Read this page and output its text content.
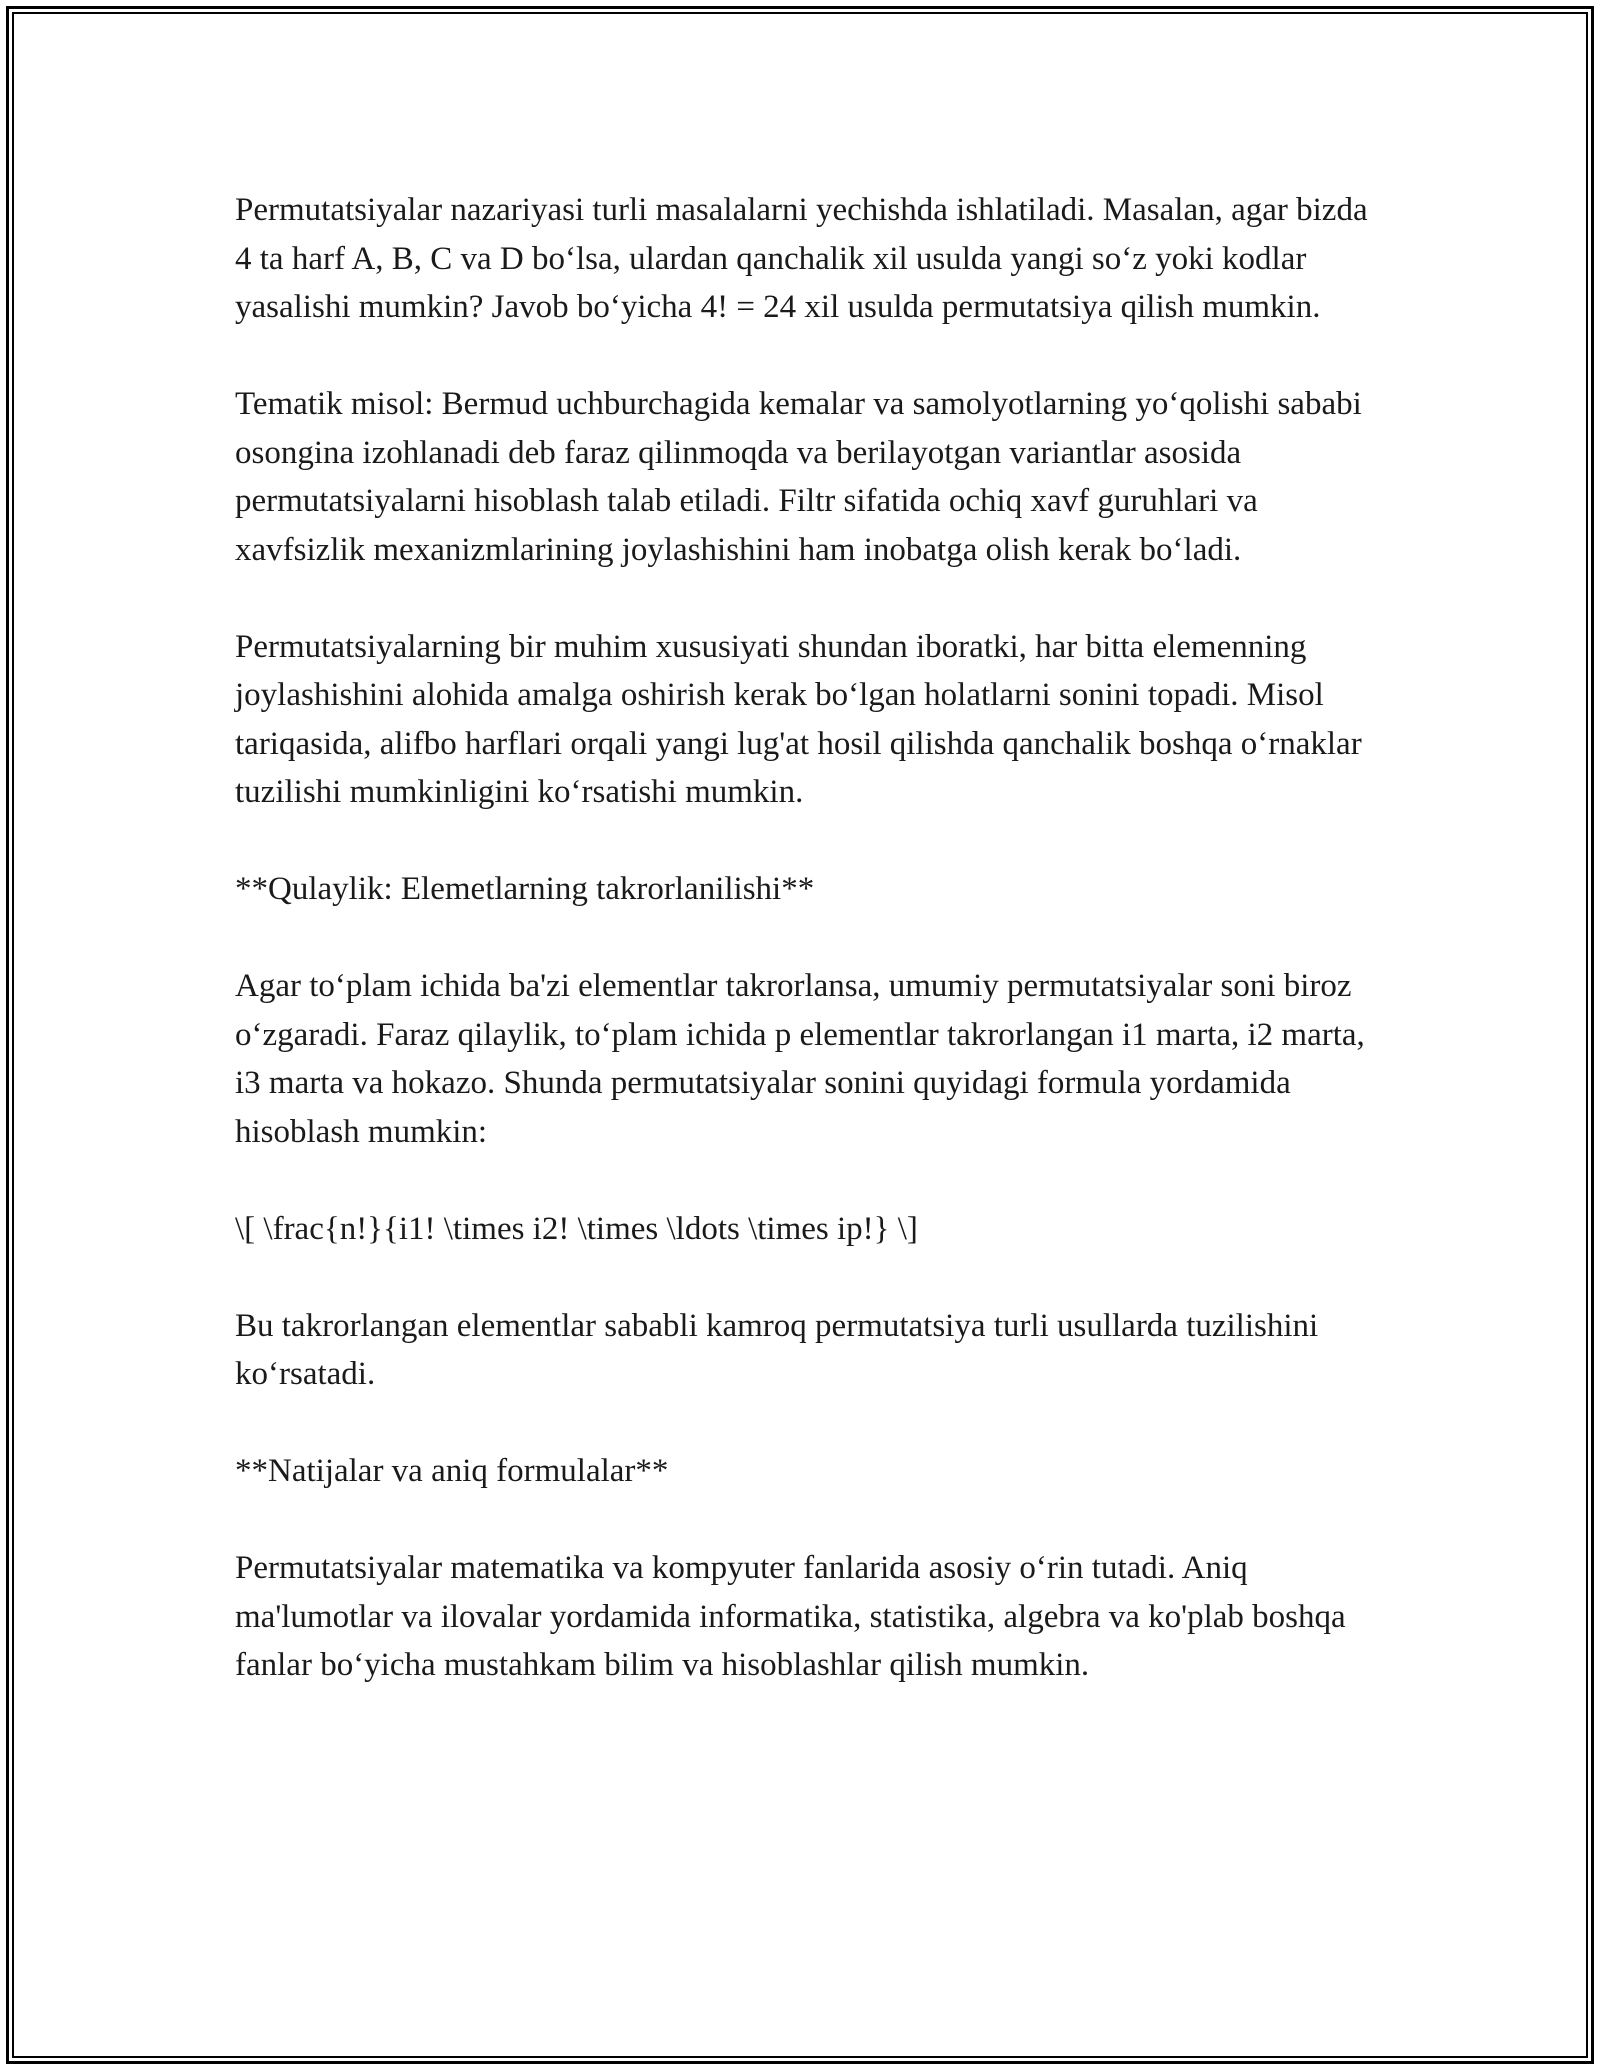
Permutatsiyalar nazariyasi turli masalalarni yechishda ishlatiladi. Masalan, agar bizda 4 ta harf A, B, C va D bo‘lsa, ulardan qanchalik xil usulda yangi so‘z yoki kodlar yasalishi mumkin? Javob bo‘yicha 4! = 24 xil usulda permutatsiya qilish mumkin.

Tematik misol: Bermud uchburchagida kemalar va samolyotlarning yo‘qolishi sababi osongina izohlanadi deb faraz qilinmoqda va berilayotgan variantlar asosida permutatsiyalarni hisoblash talab etiladi. Filtr sifatida ochiq xavf guruhlari va xavfsizlik mexanizmlarining joylashishini ham inobatga olish kerak bo‘ladi.

Permutatsiyalarning bir muhim xususiyati shundan iboratki, har bitta elemenning joylashishini alohida amalga oshirish kerak bo‘lgan holatlarni sonini topadi. Misol tariqasida, alifbo harflari orqali yangi lug'at hosil qilishda qanchalik boshqa o‘rnaklar tuzilishi mumkinligini ko‘rsatishi mumkin.

**Qulaylik: Elemetlarning takrorlanilishi**

Agar to‘plam ichida ba'zi elementlar takrorlansa, umumiy permutatsiyalar soni biroz o‘zgaradi. Faraz qilaylik, to‘plam ichida p elementlar takrorlangan i1 marta, i2 marta, i3 marta va hokazo. Shunda permutatsiyalar sonini quyidagi formula yordamida hisoblash mumkin:

\[ \frac{n!}{i1! \times i2! \times \ldots \times ip!} \]

Bu takrorlangan elementlar sababli kamroq permutatsiya turli usullarda tuzilishini ko‘rsatadi.

**Natijalar va aniq formulalar**

Permutatsiyalar matematika va kompyuter fanlarida asosiy o‘rin tutadi. Aniq ma'lumotlar va ilovalar yordamida informatika, statistika, algebra va ko'plab boshqa fanlar bo‘yicha mustahkam bilim va hisoblashlar qilish mumkin.
